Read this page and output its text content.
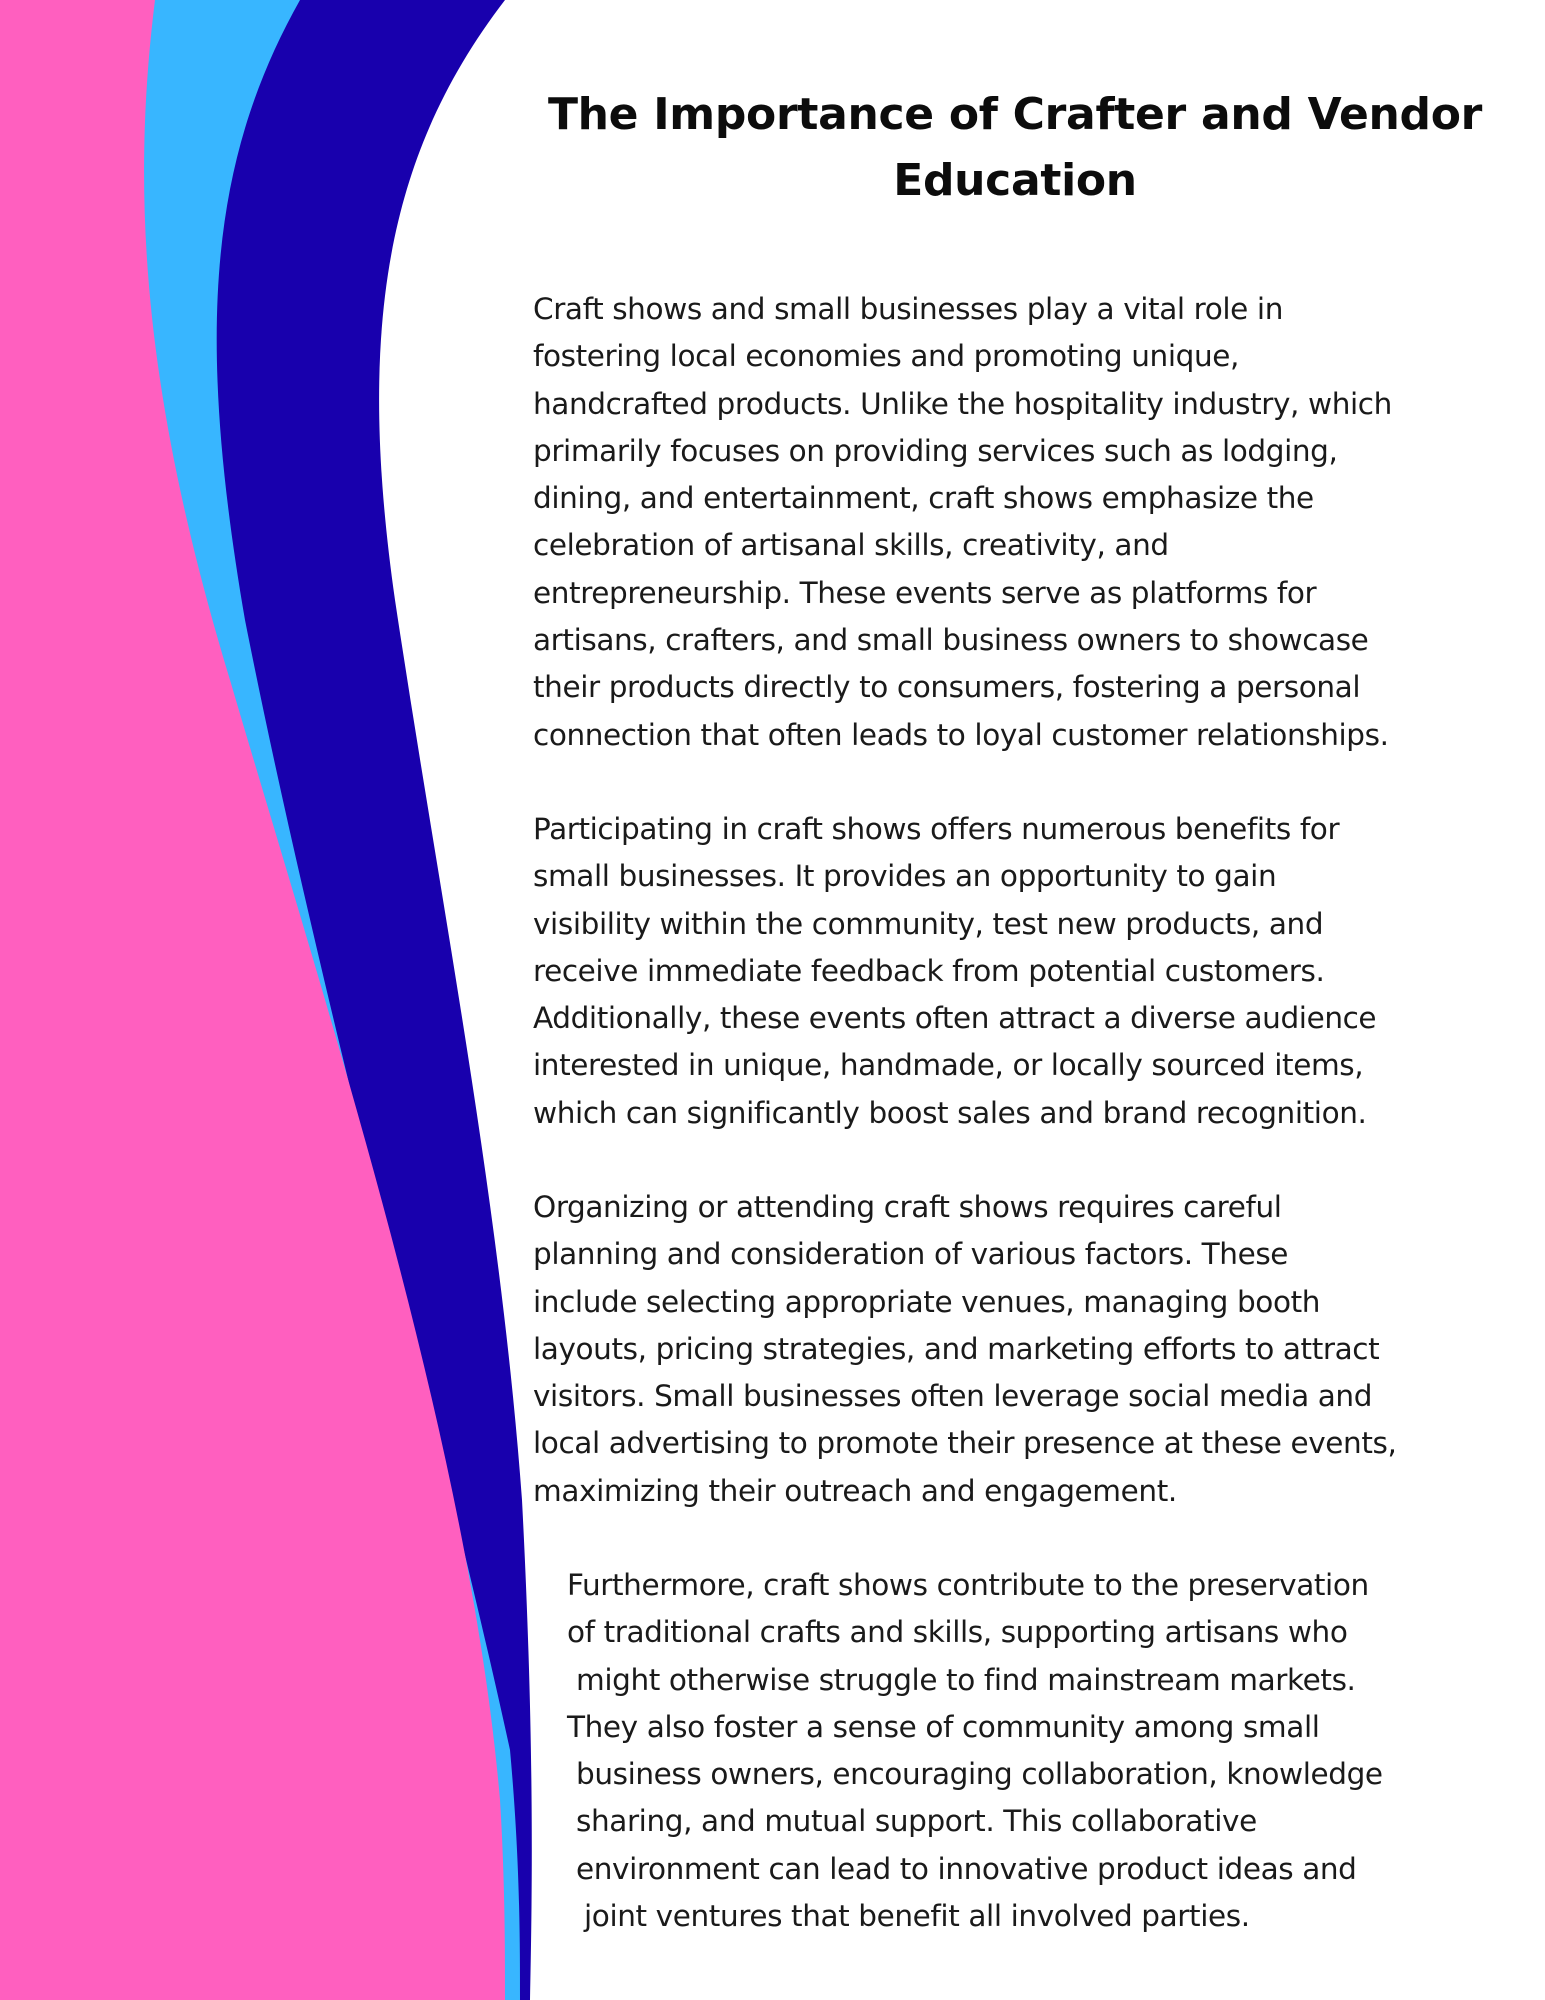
The Importance of Crafter and Vendor Education

Craft shows and small businesses play a vital role in
fostering local economies and promoting unique,
handcrafted products. Unlike the hospitality industry, which
primarily focuses on providing services such as lodging,
dining, and entertainment, craft shows emphasize the
celebration of artisanal skills, creativity, and
entrepreneurship. These events serve as platforms for
artisans, crafters, and small business owners to showcase
their products directly to consumers, fostering a personal
connection that often leads to loyal customer relationships.

Participating in craft shows offers numerous benefits for
small businesses. It provides an opportunity to gain
visibility within the community, test new products, and
receive immediate feedback from potential customers.
Additionally, these events often attract a diverse audience
interested in unique, handmade, or locally sourced items,
which can significantly boost sales and brand recognition.

Organizing or attending craft shows requires careful
planning and consideration of various factors. These
include selecting appropriate venues, managing booth
layouts, pricing strategies, and marketing efforts to attract
visitors. Small businesses often leverage social media and
local advertising to promote their presence at these events,
maximizing their outreach and engagement.

Furthermore, craft shows contribute to the preservation
of traditional crafts and skills, supporting artisans who
might otherwise struggle to find mainstream markets.
They also foster a sense of community among small
business owners, encouraging collaboration, knowledge
sharing, and mutual support. This collaborative
environment can lead to innovative product ideas and
joint ventures that benefit all involved parties.
